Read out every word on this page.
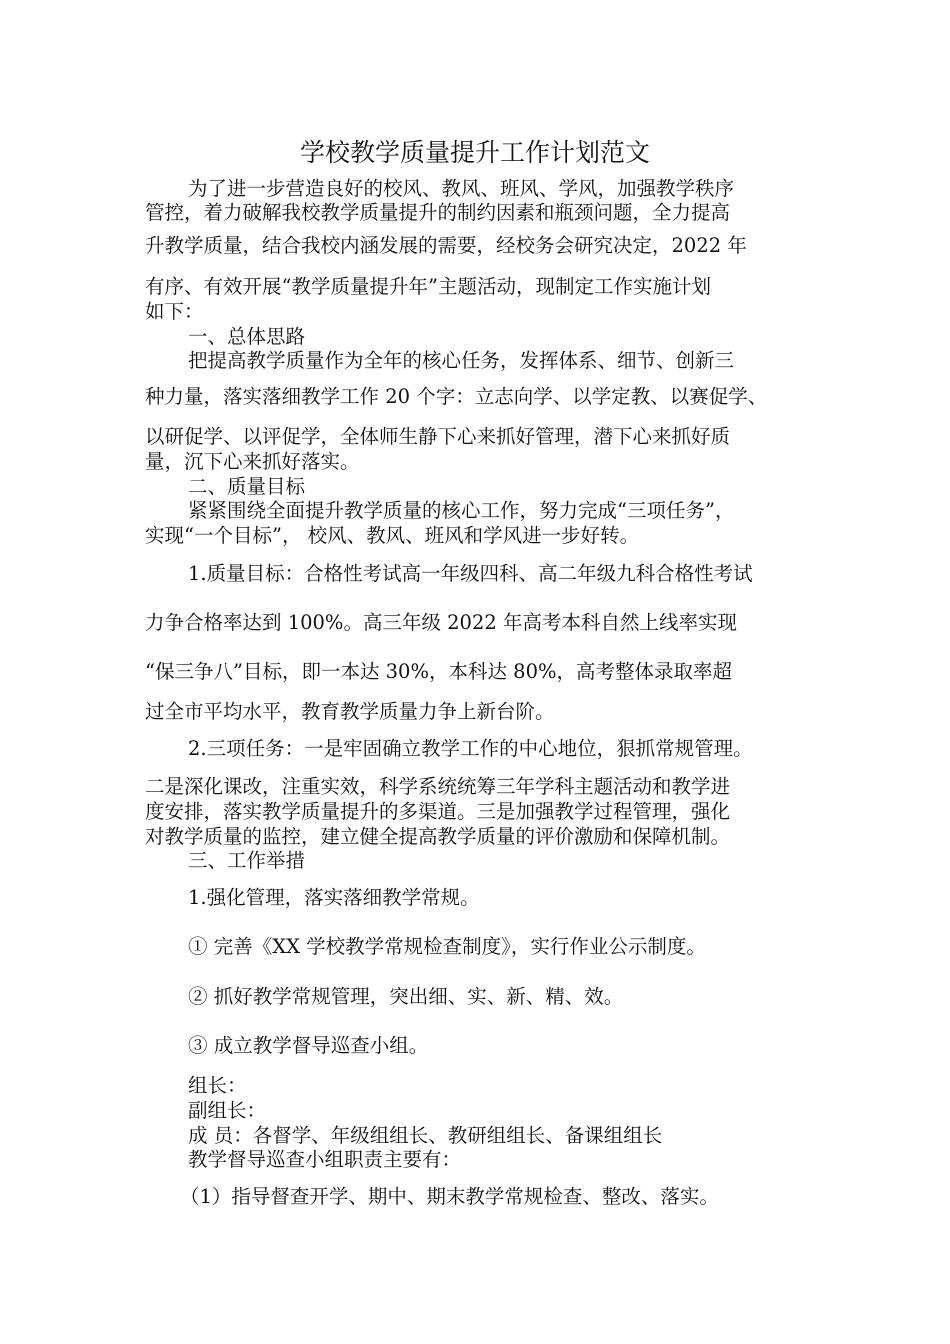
学校教学质量提升工作计划范文
为了进一步营造良好的校风、教风、班风、学风，加强教学秩序
管控，着力破解我校教学质量提升的制约因素和瓶颈问题，全力提高
升教学质量，结合我校内涵发展的需要，经校务会研究决定，2022 年
有序、有效开展“教学质量提升年”主题活动，现制定工作实施计划
如下：
一、总体思路
把提高教学质量作为全年的核心任务，发挥体系、细节、创新三
种力量，落实落细教学工作 20 个字：立志向学、以学定教、以赛促学、
以研促学、以评促学，全体师生静下心来抓好管理，潜下心来抓好质
量，沉下心来抓好落实。
二、质量目标
紧紧围绕全面提升教学质量的核心工作，努力完成“三项任务”，
实现“一个目标”， 校风、教风、班风和学风进一步好转。
1.质量目标：合格性考试高一年级四科、高二年级九科合格性考试
力争合格率达到 100%。高三年级 2022 年高考本科自然上线率实现
“保三争八”目标，即一本达 30%，本科达 80%，高考整体录取率超
过全市平均水平，教育教学质量力争上新台阶。
2.三项任务：一是牢固确立教学工作的中心地位，狠抓常规管理。
二是深化课改，注重实效，科学系统统筹三年学科主题活动和教学进
度安排，落实教学质量提升的多渠道。三是加强教学过程管理，强化
对教学质量的监控，建立健全提高教学质量的评价激励和保障机制。
三、工作举措
1.强化管理，落实落细教学常规。
① 完善《XX 学校教学常规检查制度》，实行作业公示制度。
② 抓好教学常规管理，突出细、实、新、精、效。
③ 成立教学督导巡查小组。
组长：
副组长：
成 员：各督学、年级组组长、教研组组长、备课组组长
教学督导巡查小组职责主要有：
（1）指导督查开学、期中、期末教学常规检查、整改、落实。
